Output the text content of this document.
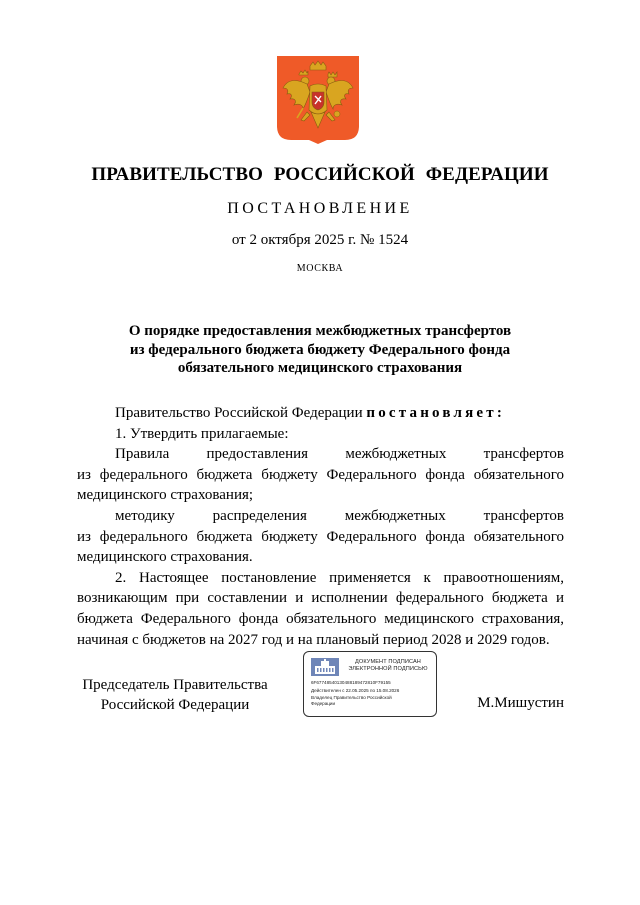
ПРАВИТЕЛЬСТВО РОССИЙСКОЙ ФЕДЕРАЦИИ
ПОСТАНОВЛЕНИЕ
от 2 октября 2025 г. № 1524
МОСКВА
О порядке предоставления межбюджетных трансфертов
из федерального бюджета бюджету Федерального фонда
обязательного медицинского страхования

Правительство Российской Федерации постановляет:

1. Утвердить прилагаемые:

Правила предоставления межбюджетных трансфертов

из федерального бюджета бюджету Федерального фонда обязательного медицинского страхования;

методику распределения межбюджетных трансфертов

из федерального бюджета бюджету Федерального фонда обязательного медицинского страхования.

2. Настоящее постановление применяется к правоотношениям, возникающим при составлении и исполнении федерального бюджета и бюджета Федерального фонда обязательного медицинского страхования, начиная с бюджетов на 2027 год и на плановый период 2028 и 2029 годов.

Председатель Правительства
Российской Федерации
ДОКУМЕНТ ПОДПИСАН
ЭЛЕКТРОННОЙ ПОДПИСЬЮ
6F67748540130488189472810F79155
Действителен с 22.05.2025 по 15.08.2026
Владелец Правительство Российской
Федерации	М.Мишустин
